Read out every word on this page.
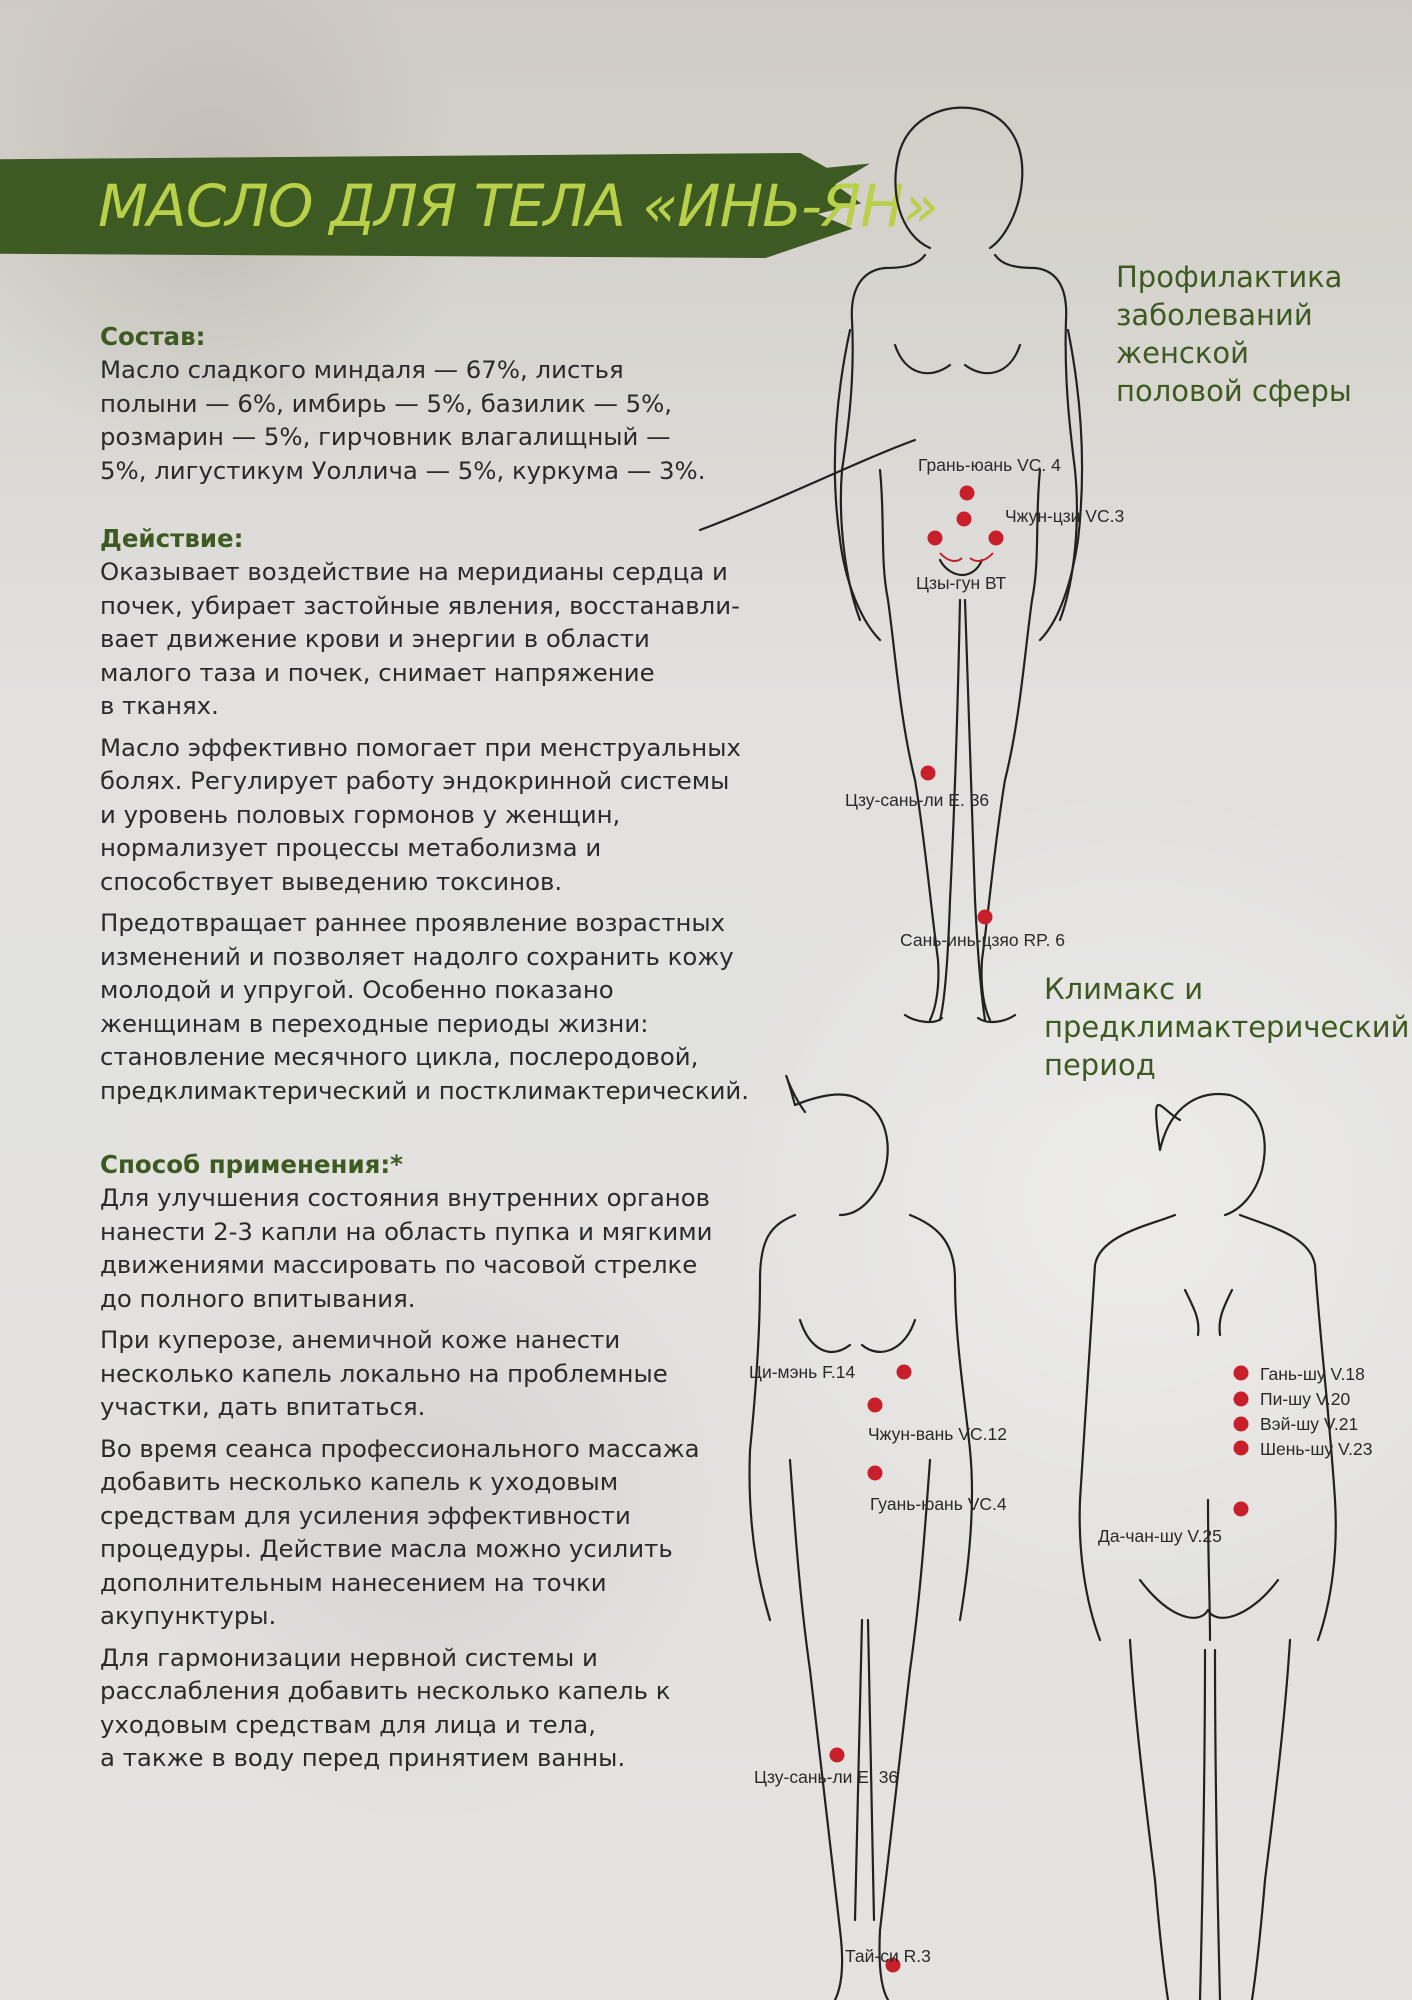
МАСЛО ДЛЯ ТЕЛА «ИНЬ-ЯН»
Состав:
Масло сладкого миндаля — 67%, листья
полыни — 6%, имбирь — 5%, базилик — 5%,
розмарин — 5%, гирчовник влагалищный —
5%, лигустикум Уоллича — 5%, куркума — 3%.
Действие:

Оказывает воздействие на меридианы сердца и
почек, убирает застойные явления, восстанавли-
вает движение крови и энергии в области
малого таза и почек, снимает напряжение
в тканях.

Масло эффективно помогает при менструальных
болях. Регулирует работу эндокринной системы
и уровень половых гормонов у женщин,
нормализует процессы метаболизма и
способствует выведению токсинов.

Предотвращает раннее проявление возрастных
изменений и позволяет надолго сохранить кожу
молодой и упругой. Особенно показано
женщинам в переходные периоды жизни:
становление месячного цикла, послеродовой,
предклимактерический и постклимактерический.

Способ применения:*

Для улучшения состояния внутренних органов
нанести 2-3 капли на область пупка и мягкими
движениями массировать по часовой стрелке
до полного впитывания.

При куперозе, анемичной коже нанести
несколько капель локально на проблемные
участки, дать впитаться.

Во время сеанса профессионального массажа
добавить несколько капель к уходовым
средствам для усиления эффективности
процедуры. Действие масла можно усилить
дополнительным нанесением на точки
акупунктуры.

Для гармонизации нервной системы и
расслабления добавить несколько капель к
уходовым средствам для лица и тела,
а также в воду перед принятием ванны.

Профилактика
заболеваний
женской
половой сферы
Климакс и
предклимактерический
период
Грань-юань VC. 4
Чжун-цзи VC.3
Цзы-гун ВТ
Цзу-сань-ли Е. 36
Сань-инь-цзяо RP. 6
Ци-мэнь F.14
Чжун-вань VC.12
Гуань-юань VC.4
Цзу-сань-ли Е. 36
Тай-си R.3
Гань-шу V.18
Пи-шу V.20
Вэй-шу V.21
Шень-шу V.23
Да-чан-шу V.25
